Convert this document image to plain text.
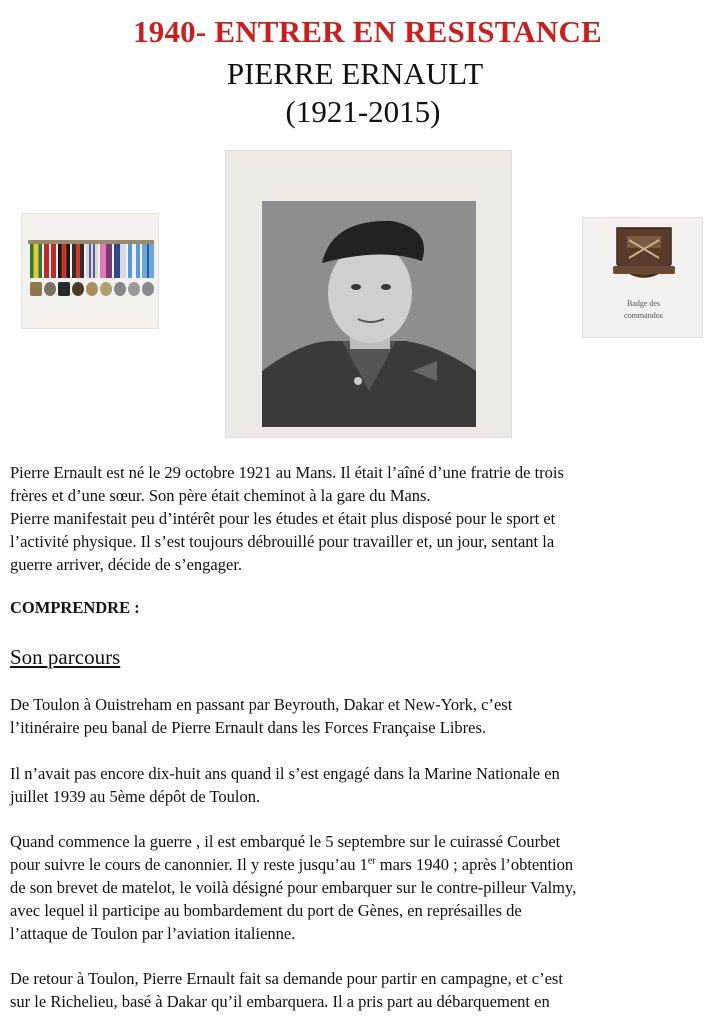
1940- ENTRER EN RESISTANCE
PIERRE ERNAULT
(1921-2015)
Badge des
commandos
Pierre Ernault est né le 29 octobre 1921 au Mans. Il était l’aîné d’une fratrie de trois
frères et d’une sœur. Son père était cheminot à la gare du Mans.
Pierre manifestait peu d’intérêt pour les études et était plus disposé pour le sport et
l’activité physique. Il s’est toujours débrouillé pour travailler et, un jour, sentant la
guerre arriver, décide de s’engager.
COMPRENDRE :
Son parcours
De Toulon à Ouistreham en passant par Beyrouth, Dakar et New-York, c’est
l’itinéraire peu banal de Pierre Ernault dans les Forces Française Libres.
Il n’avait pas encore dix-huit ans quand il s’est engagé dans la Marine Nationale en
juillet 1939 au 5ème dépôt de Toulon.
Quand commence la guerre , il est embarqué le 5 septembre sur le cuirassé Courbet
pour suivre le cours de canonnier. Il y reste jusqu’au 1er mars 1940 ; après l’obtention
de son brevet de matelot, le voilà désigné pour embarquer sur le contre-pilleur Valmy,
avec lequel il participe au bombardement du port de Gènes, en représailles de
l’attaque de Toulon par l’aviation italienne.
De retour à Toulon, Pierre Ernault fait sa demande pour partir en campagne, et c’est
sur le Richelieu, basé à Dakar qu’il embarquera. Il a pris part au débarquement en
